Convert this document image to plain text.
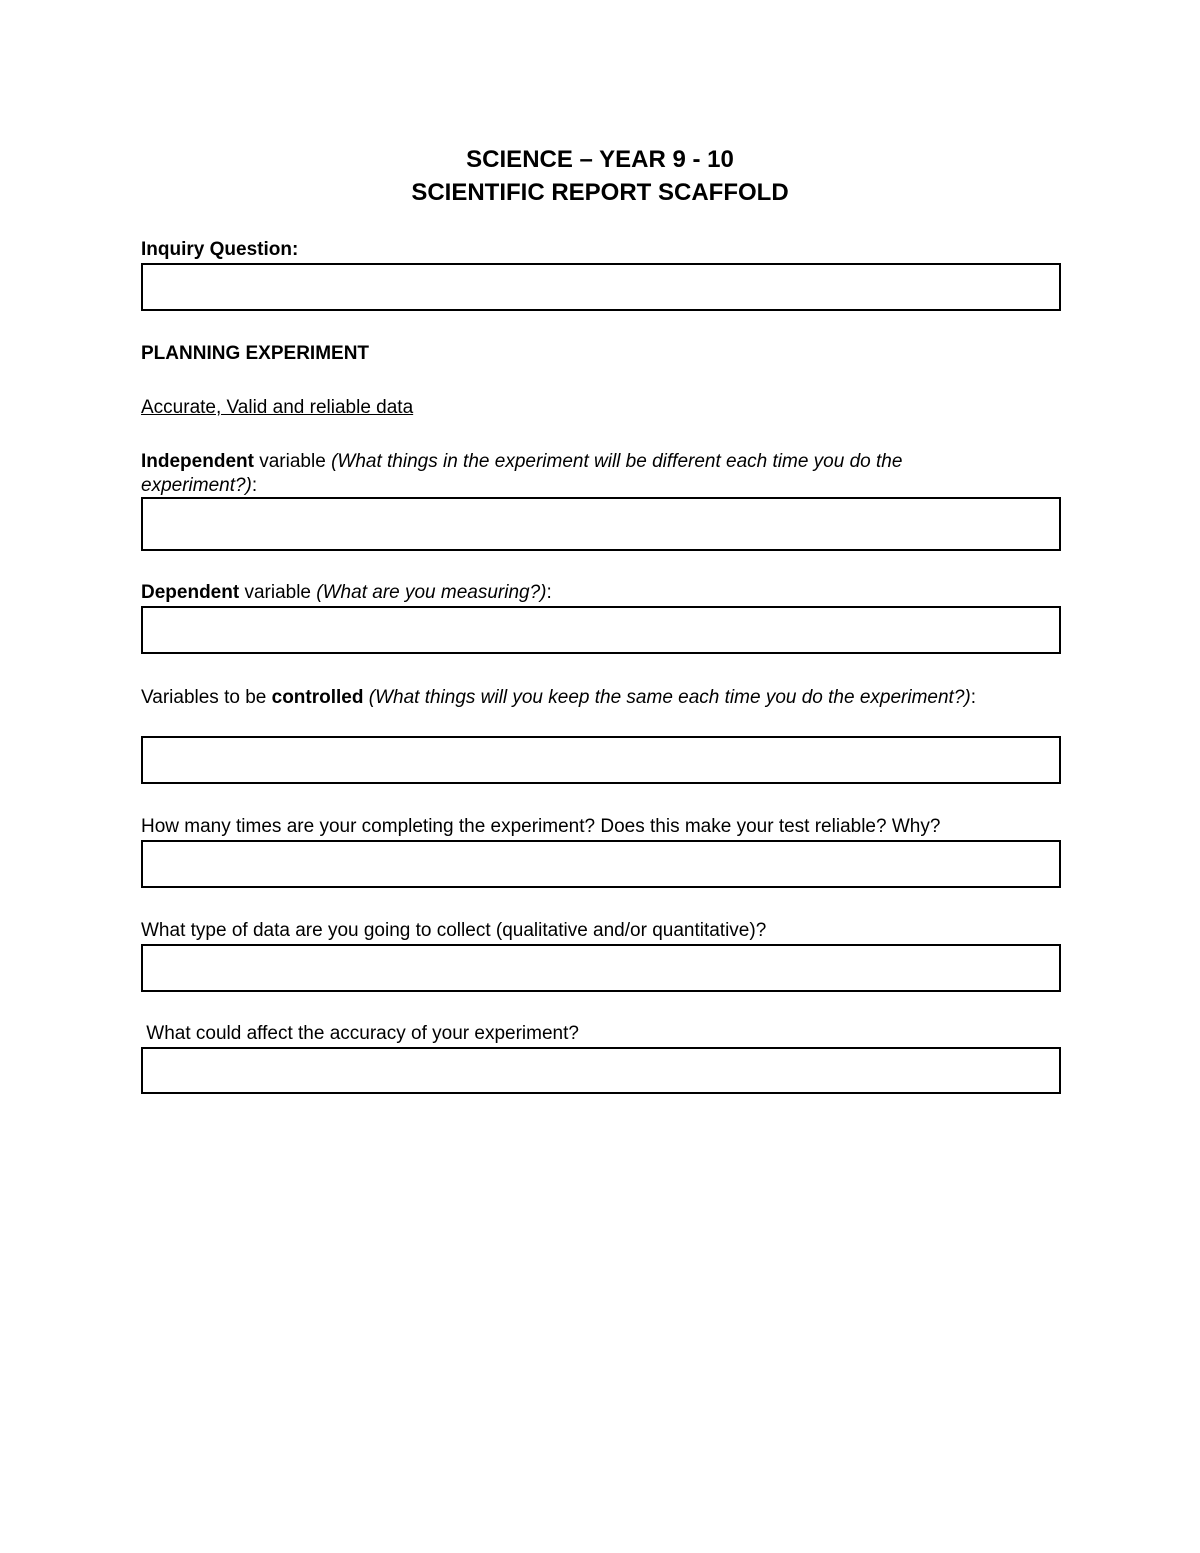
SCIENCE – YEAR 9 - 10
SCIENTIFIC REPORT SCAFFOLD
Inquiry Question:
PLANNING EXPERIMENT
Accurate, Valid and reliable data
Independent variable (What things in the experiment will be different each time you do the experiment?):
Dependent variable (What are you measuring?):
Variables to be controlled (What things will you keep the same each time you do the experiment?):
How many times are your completing the experiment? Does this make your test reliable? Why?
What type of data are you going to collect (qualitative and/or quantitative)?
What could affect the accuracy of your experiment?
